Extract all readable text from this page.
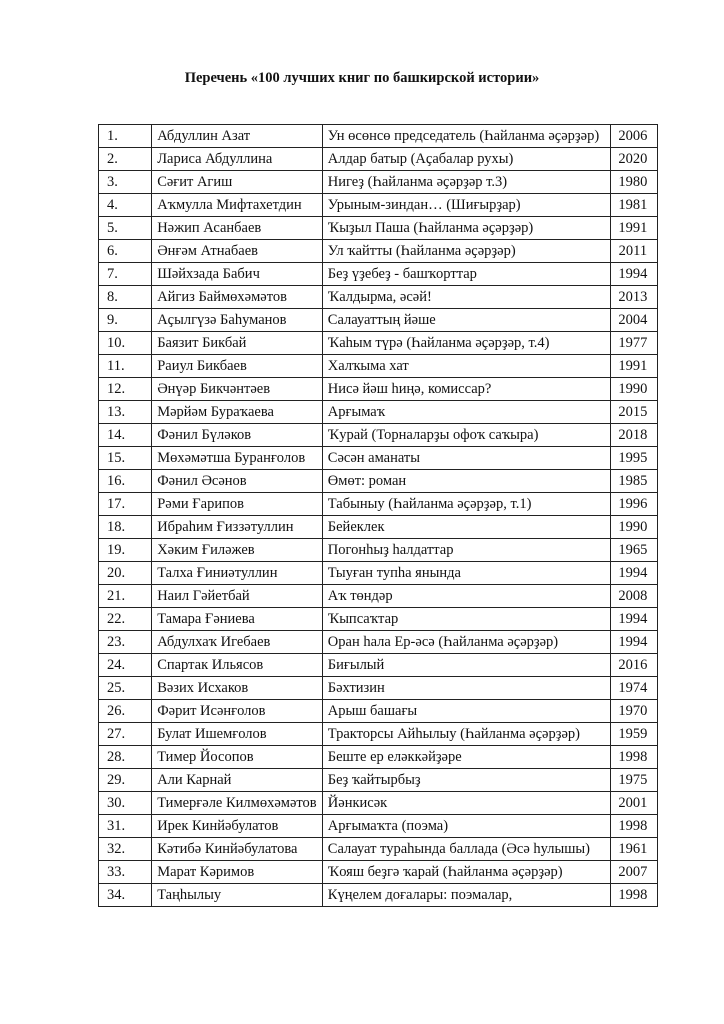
Перечень «100 лучших книг по башкирской истории»
1.	Абдуллин Азат	Ун өсөнсө председатель (Һайланма әҫәрҙәр)	2006
2.	Лариса Абдуллина	Алдар батыр (Аҫабалар рухы)	2020
3.	Сәғит Агиш	Нигеҙ (Һайланма әҫәрҙәр т.3)	1980
4.	Аҡмулла Мифтахетдин	Урыным-зиндан… (Шиғырҙар)	1981
5.	Нәжип Асанбаев	Ҡыҙыл Паша (Һайланма әҫәрҙәр)	1991
6.	Әнғәм Атнабаев	Ул ҡайтты (Һайланма әҫәрҙәр)	2011
7.	Шәйхзада Бабич	Беҙ үҙебеҙ - башҡорттар	1994
8.	Айгиз Баймөхәмәтов	Ҡалдырма, әсәй!	2013
9.	Аҫылгүзә Баһуманов	Салауаттың йәше	2004
10.	Баязит Бикбай	Ҡаһым түрә (Һайланма әҫәрҙәр, т.4)	1977
11.	Раиул Бикбаев	Халҡыма хат	1991
12.	Әнүәр Бикчәнтәев	Нисә йәш һиңә, комиссар?	1990
13.	Мәрйәм Бураҡаева	Арғымаҡ	2015
14.	Фәнил Бүләков	Ҡурай (Торналарҙы офоҡ саҡыра)	2018
15.	Мөхәмәтша Буранғолов	Сәсән аманаты	1995
16.	Фәнил Әсәнов	Өмөт: роман	1985
17.	Рәми Ғарипов	Табыныу (Һайланма әҫәрҙәр, т.1)	1996
18.	Ибраһим Ғиззәтуллин	Бейеклек	1990
19.	Хәким Ғиләжев	Погонһыҙ һалдаттар	1965
20.	Талха Ғиниәтуллин	Тыуған тупһа янында	1994
21.	Наил Гәйетбай	Аҡ төндәр	2008
22.	Тамара Ғәниева	Ҡыпсаҡтар	1994
23.	Абдулхаҡ Игебаев	Оран һала Ер-әсә (Һайланма әҫәрҙәр)	1994
24.	Спартак Ильясов	Биғылый	2016
25.	Вәзих Исхаков	Бәхтизин	1974
26.	Фәрит Исәнғолов	Арыш башағы	1970
27.	Булат Ишемғолов	Тракторсы Айһылыу (Һайланма әҫәрҙәр)	1959
28.	Тимер Йосопов	Беште ер еләккәйҙәре	1998
29.	Али Карнай	Беҙ ҡайтырбыҙ	1975
30.	Тимерғәле Килмөхәмәтов	Йәнкисәк	2001
31.	Ирек Кинйәбулатов	Арғымаҡта (поэма)	1998
32.	Кәтибә Кинйәбулатова	Салауат тураһында баллада (Әсә һулышы)	1961
33.	Марат Кәримов	Ҡояш беҙгә ҡарай (Һайланма әҫәрҙәр)	2007
34.	Таңһылыу	Күңелем доғалары: поэмалар,	1998
